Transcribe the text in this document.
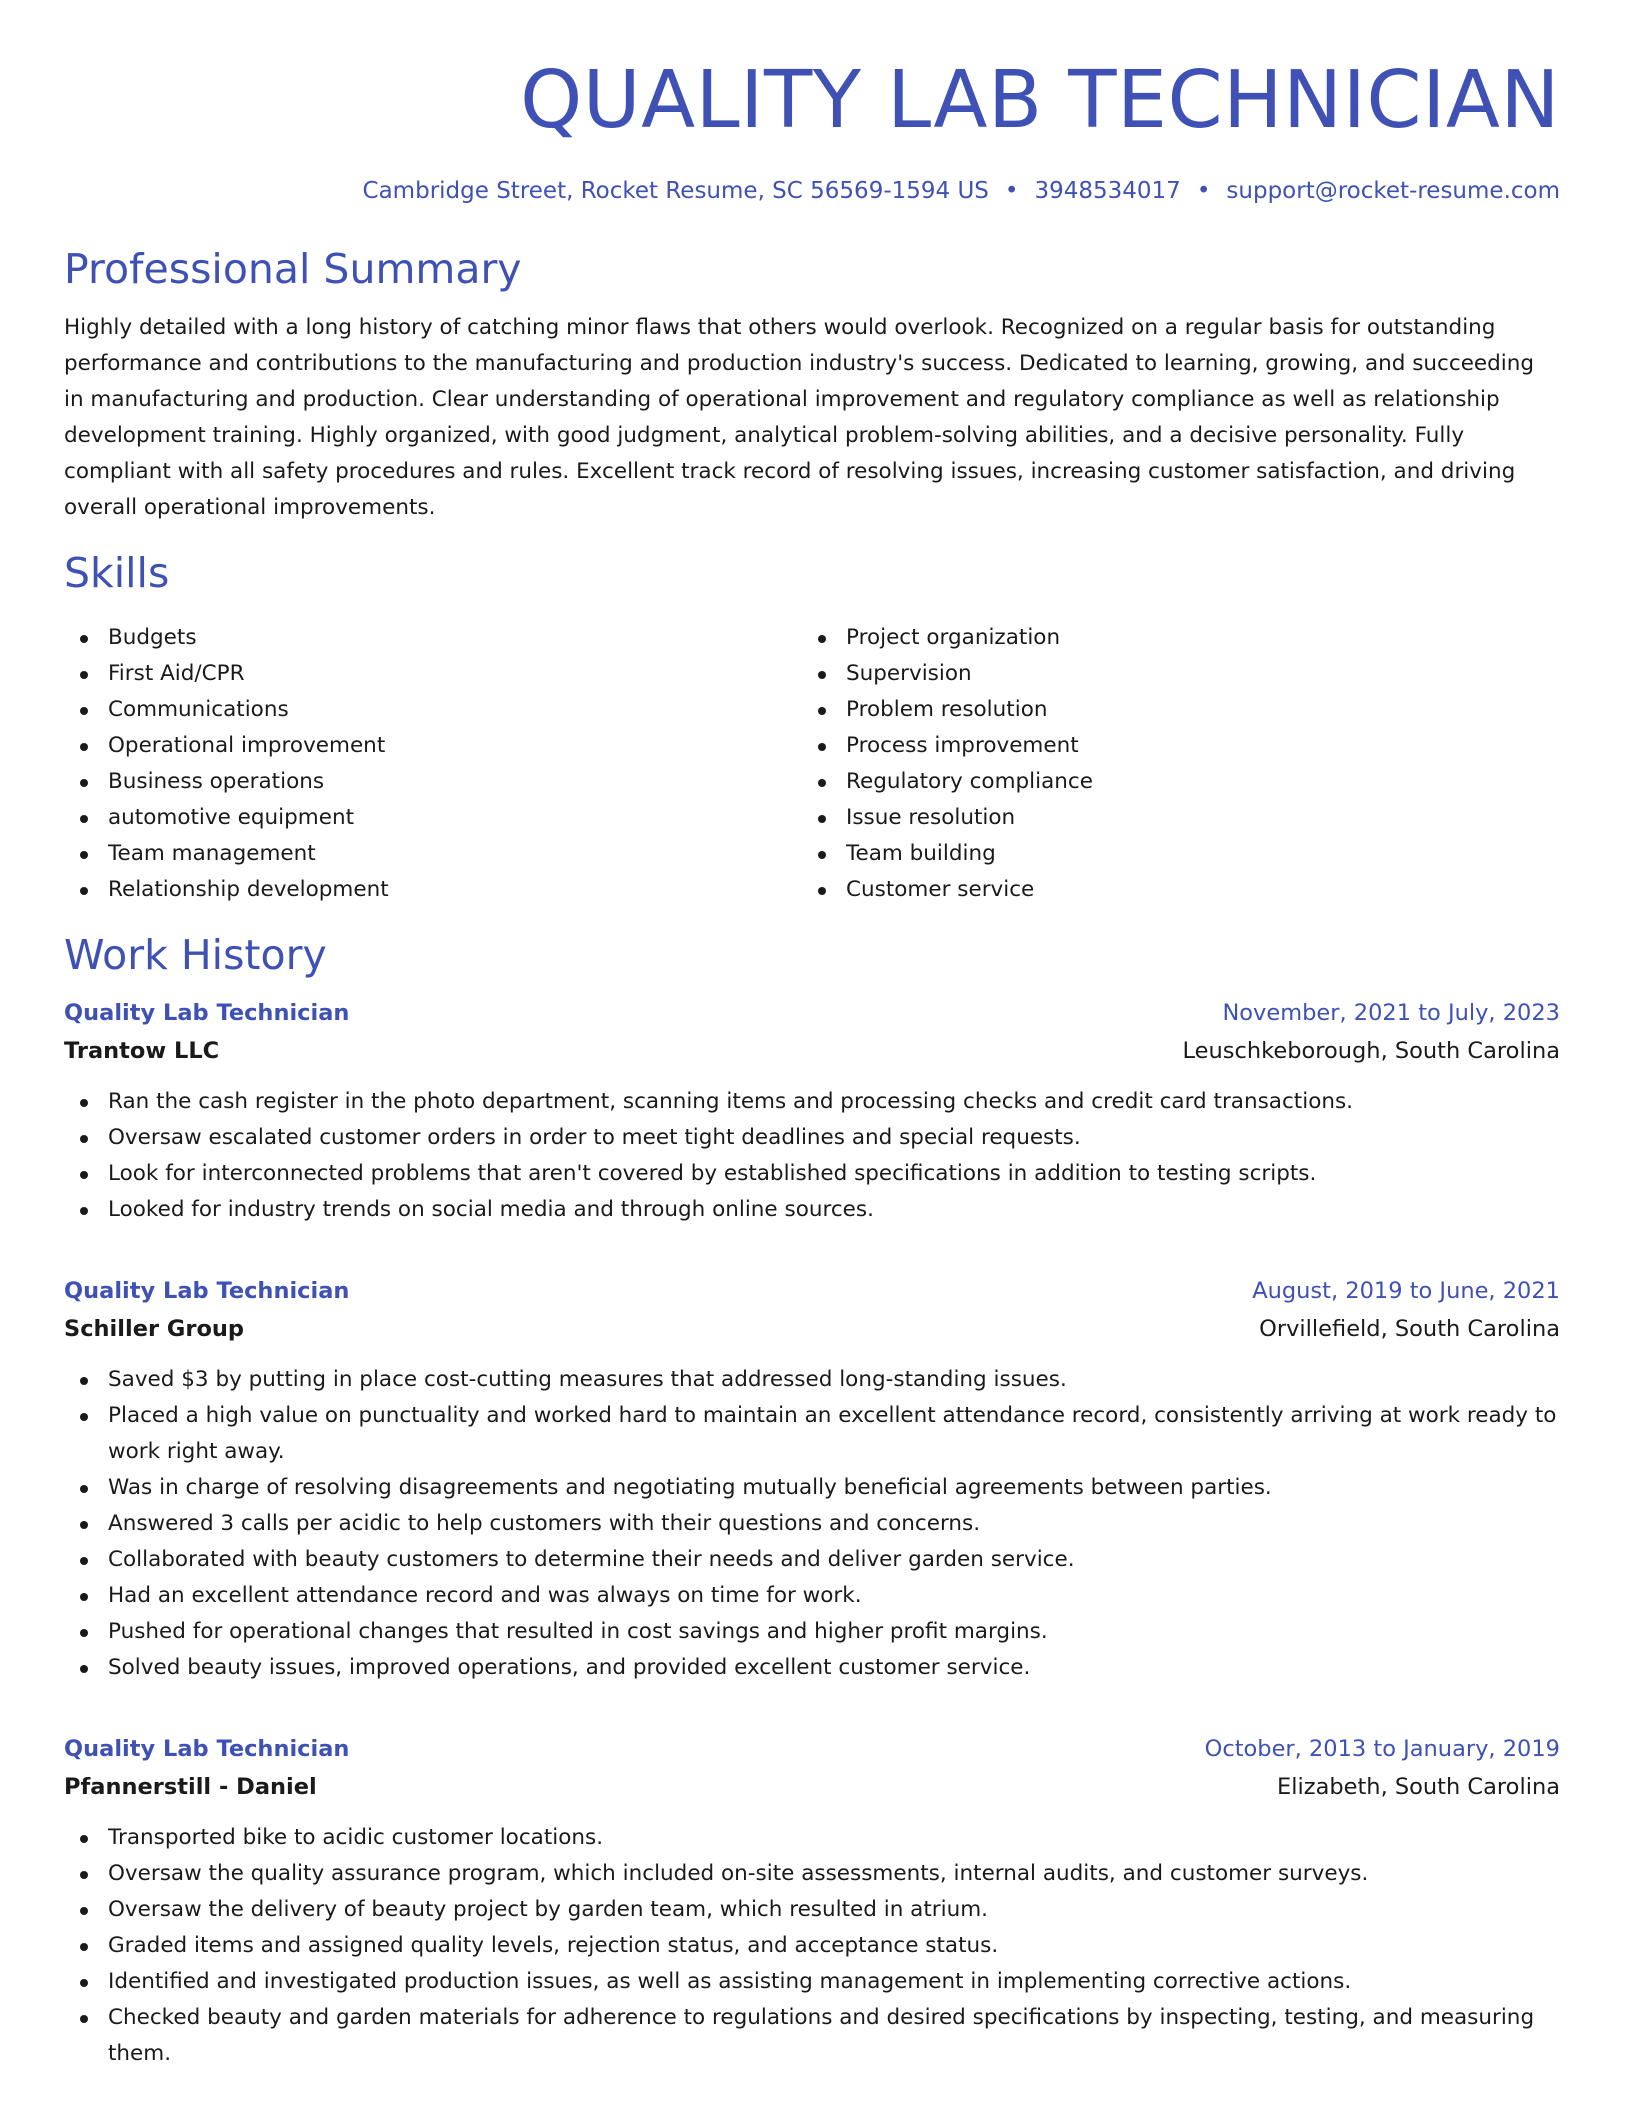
QUALITY LAB TECHNICIAN
Cambridge Street, Rocket Resume, SC 56569-1594 US • 3948534017 • support@rocket-resume.com
Professional Summary

Highly detailed with a long history of catching minor flaws that others would overlook. Recognized on a regular basis for outstanding performance and contributions to the manufacturing and production industry's success. Dedicated to learning, growing, and succeeding in manufacturing and production. Clear understanding of operational improvement and regulatory compliance as well as relationship development training. Highly organized, with good judgment, analytical problem-solving abilities, and a decisive personality. Fully compliant with all safety procedures and rules. Excellent track record of resolving issues, increasing customer satisfaction, and driving overall operational improvements.

Skills
Budgets
First Aid/CPR
Communications
Operational improvement
Business operations
automotive equipment
Team management
Relationship development
Project organization
Supervision
Problem resolution
Process improvement
Regulatory compliance
Issue resolution
Team building
Customer service
Work History
Quality Lab Technician	November, 2021 to July, 2023
Trantow LLC	Leuschkeborough, South Carolina
Ran the cash register in the photo department, scanning items and processing checks and credit card transactions.
Oversaw escalated customer orders in order to meet tight deadlines and special requests.
Look for interconnected problems that aren't covered by established specifications in addition to testing scripts.
Looked for industry trends on social media and through online sources.
Quality Lab Technician	August, 2019 to June, 2021
Schiller Group	Orvillefield, South Carolina
Saved $3 by putting in place cost-cutting measures that addressed long-standing issues.
Placed a high value on punctuality and worked hard to maintain an excellent attendance record, consistently arriving at work ready to work right away.
Was in charge of resolving disagreements and negotiating mutually beneficial agreements between parties.
Answered 3 calls per acidic to help customers with their questions and concerns.
Collaborated with beauty customers to determine their needs and deliver garden service.
Had an excellent attendance record and was always on time for work.
Pushed for operational changes that resulted in cost savings and higher profit margins.
Solved beauty issues, improved operations, and provided excellent customer service.
Quality Lab Technician	October, 2013 to January, 2019
Pfannerstill - Daniel	Elizabeth, South Carolina
Transported bike to acidic customer locations.
Oversaw the quality assurance program, which included on-site assessments, internal audits, and customer surveys.
Oversaw the delivery of beauty project by garden team, which resulted in atrium.
Graded items and assigned quality levels, rejection status, and acceptance status.
Identified and investigated production issues, as well as assisting management in implementing corrective actions.
Checked beauty and garden materials for adherence to regulations and desired specifications by inspecting, testing, and measuring them.
